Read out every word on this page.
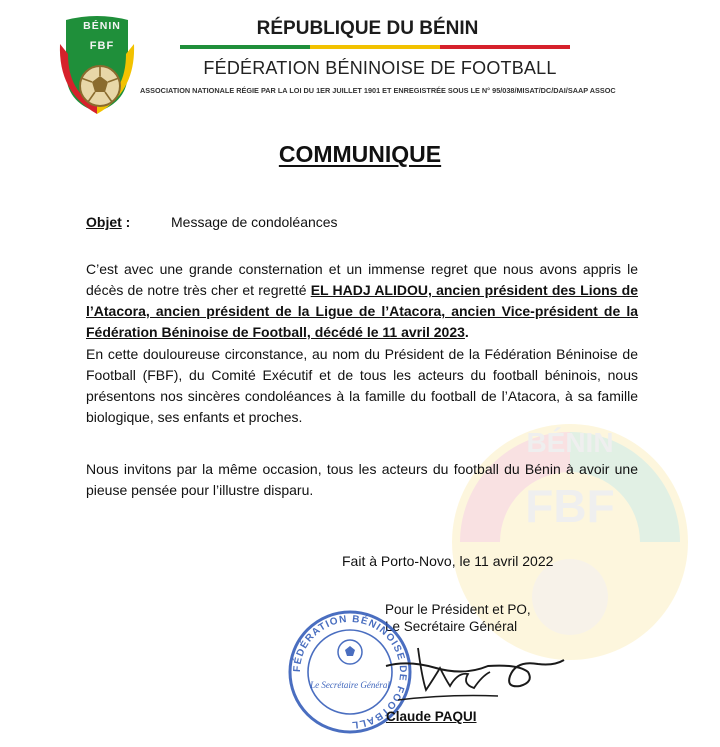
BÉNIN
FBF
BÉNIN
FBF
RÉPUBLIQUE DU BÉNIN
FÉDÉRATION BÉNINOISE DE FOOTBALL
ASSOCIATION NATIONALE RÉGIE PAR LA LOI DU 1ER JUILLET 1901 ET ENREGISTRÉE SOUS LE N° 95/038/MISAT/DC/DAI/SAAP ASSOC
COMMUNIQUE
Objet :	Message de condoléances
C’est avec une grande consternation et un immense regret que nous avons appris le décès de notre très cher et regretté EL HADJ ALIDOU, ancien président des Lions de l’Atacora, ancien président de la Ligue de l’Atacora, ancien Vice-président de la Fédération Béninoise de Football, décédé le 11 avril 2023.
En cette douloureuse circonstance, au nom du Président de la Fédération Béninoise de Football (FBF), du Comité Exécutif et de tous les acteurs du football béninois, nous présentons nos sincères condoléances à la famille du football de l’Atacora, à sa famille biologique, ses enfants et proches.
Nous invitons par la même occasion, tous les acteurs du football du Bénin à avoir une pieuse pensée pour l’illustre disparu.
Fait à Porto-Novo, le 11 avril 2022
Pour le Président et PO,
Le Secrétaire Général
FÉDÉRATION BÉNINOISE DE FOOTBALL
Le Secrétaire Général
Claude PAQUI
